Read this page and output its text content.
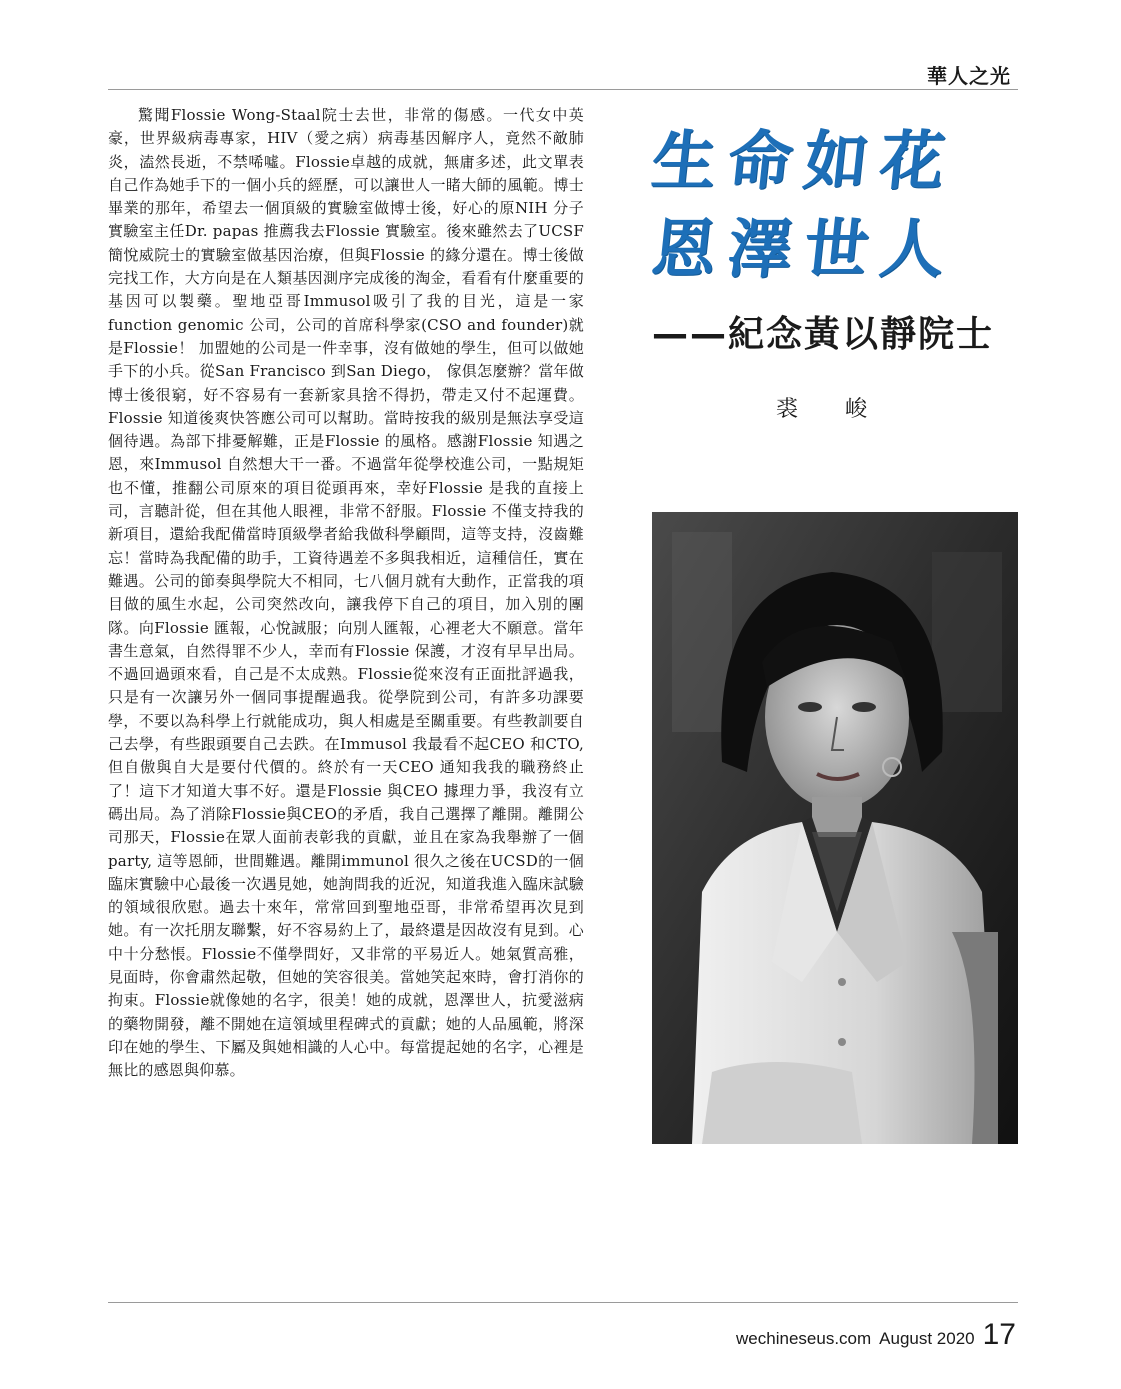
華人之光

驚聞Flossie Wong-Staal院士去世，非常的傷感。一代女中英豪，世界級病毒專家，HIV（愛之病）病毒基因解序人，竟然不敵肺炎，溘然長逝，不禁唏噓。Flossie卓越的成就，無庸多述，此文單表自己作為她手下的一個小兵的經歷，可以讓世人一睹大師的風範。博士畢業的那年，希望去一個頂級的實驗室做博士後，好心的原NIH 分子實驗室主任Dr. papas 推薦我去Flossie 實驗室。後來雖然去了UCSF 簡悅威院士的實驗室做基因治療，但與Flossie 的緣分還在。博士後做完找工作，大方向是在人類基因測序完成後的淘金，看看有什麼重要的基因可以製藥。聖地亞哥Immusol吸引了我的目光，這是一家function genomic 公司，公司的首席科學家(CSO and founder)就是Flossie！ 加盟她的公司是一件幸事，沒有做她的學生，但可以做她手下的小兵。從San Francisco 到San Diego， 傢俱怎麼辦？當年做博士後很窮，好不容易有一套新家具捨不得扔，帶走又付不起運費。Flossie 知道後爽快答應公司可以幫助。當時按我的級別是無法享受這個待遇。為部下排憂解難，正是Flossie 的風格。感謝Flossie 知遇之恩，來Immusol 自然想大干一番。不過當年從學校進公司，一點規矩也不懂，推翻公司原來的項目從頭再來，幸好Flossie 是我的直接上司，言聽計從，但在其他人眼裡，非常不舒服。Flossie 不僅支持我的新項目，還給我配備當時頂級學者給我做科學顧問，這等支持，沒齒難忘！當時為我配備的助手，工資待遇差不多與我相近，這種信任，實在難遇。公司的節奏與學院大不相同，七八個月就有大動作，正當我的項目做的風生水起，公司突然改向，讓我停下自己的項目，加入別的團隊。向Flossie 匯報，心悅誠服；向別人匯報，心裡老大不願意。當年書生意氣，自然得罪不少人，幸而有Flossie 保護，才沒有早早出局。不過回過頭來看，自己是不太成熟。Flossie從來沒有正面批評過我，只是有一次讓另外一個同事提醒過我。從學院到公司，有許多功課要學，不要以為科學上行就能成功，與人相處是至關重要。有些教訓要自己去學，有些跟頭要自己去跌。在Immusol 我最看不起CEO 和CTO, 但自傲與自大是要付代價的。終於有一天CEO 通知我我的職務終止了！這下才知道大事不好。還是Flossie 與CEO 據理力爭，我沒有立碼出局。為了消除Flossie與CEO的矛盾，我自己選擇了離開。離開公司那天，Flossie在眾人面前表彰我的貢獻，並且在家為我舉辦了一個party, 這等恩師，世間難遇。離開immunol 很久之後在UCSD的一個臨床實驗中心最後一次遇見她，她詢問我的近況，知道我進入臨床試驗的領域很欣慰。過去十來年，常常回到聖地亞哥，非常希望再次見到她。有一次托朋友聯繫，好不容易約上了，最終還是因故沒有見到。心中十分愁悵。Flossie不僅學問好，又非常的平易近人。她氣質高雅，見面時，你會肅然起敬，但她的笑容很美。當她笑起來時，會打消你的拘束。Flossie就像她的名字，很美！她的成就，恩澤世人，抗愛滋病的藥物開發，離不開她在這領域里程碑式的貢獻；她的人品風範，將深印在她的學生、下屬及與她相識的人心中。每當提起她的名字，心裡是無比的感恩與仰慕。

生命如花
恩澤世人
——紀念黃以靜院士
裘 峻
wechineseus.com August 2020 17
